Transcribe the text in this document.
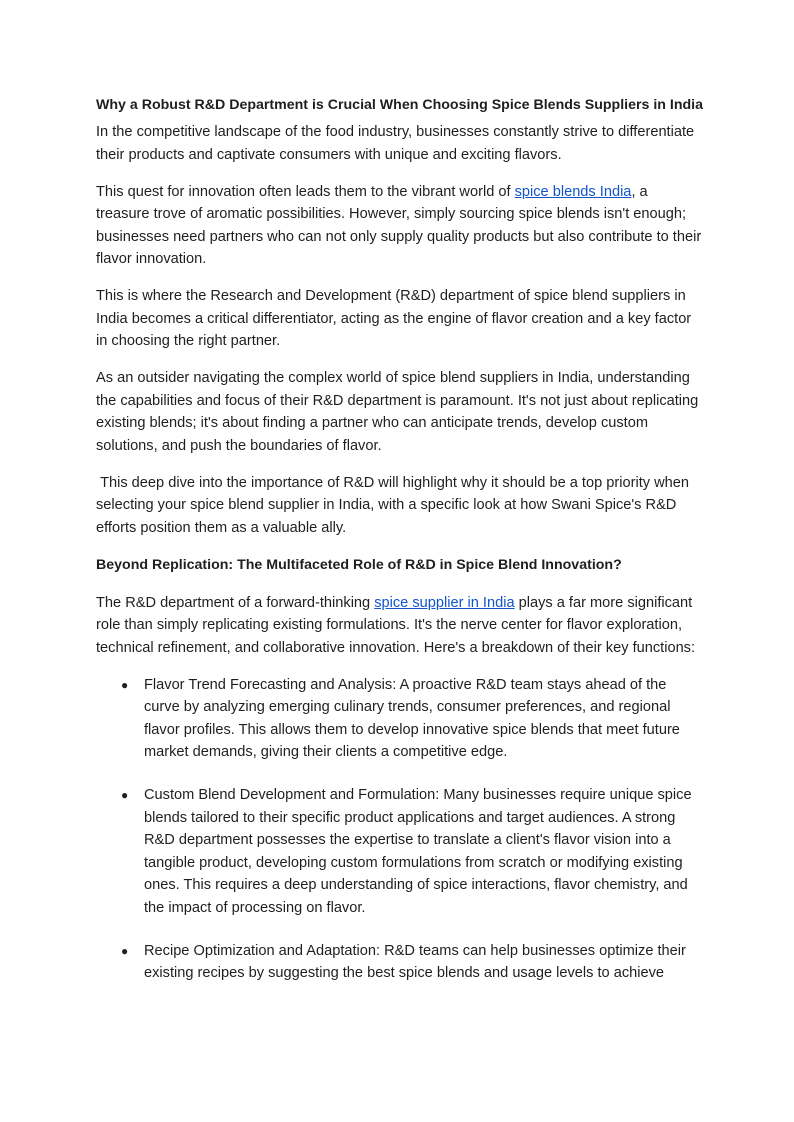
Why a Robust R&D Department is Crucial When Choosing Spice Blends Suppliers in India

In the competitive landscape of the food industry, businesses constantly strive to differentiate their products and captivate consumers with unique and exciting flavors.

This quest for innovation often leads them to the vibrant world of spice blends India, a treasure trove of aromatic possibilities. However, simply sourcing spice blends isn't enough; businesses need partners who can not only supply quality products but also contribute to their flavor innovation.

This is where the Research and Development (R&D) department of spice blend suppliers in India becomes a critical differentiator, acting as the engine of flavor creation and a key factor in choosing the right partner.

As an outsider navigating the complex world of spice blend suppliers in India, understanding the capabilities and focus of their R&D department is paramount. It's not just about replicating existing blends; it's about finding a partner who can anticipate trends, develop custom solutions, and push the boundaries of flavor.

This deep dive into the importance of R&D will highlight why it should be a top priority when selecting your spice blend supplier in India, with a specific look at how Swani Spice's R&D efforts position them as a valuable ally.

Beyond Replication: The Multifaceted Role of R&D in Spice Blend Innovation?

The R&D department of a forward-thinking spice supplier in India plays a far more significant role than simply replicating existing formulations. It's the nerve center for flavor exploration, technical refinement, and collaborative innovation. Here's a breakdown of their key functions:

● Flavor Trend Forecasting and Analysis: A proactive R&D team stays ahead of the curve by analyzing emerging culinary trends, consumer preferences, and regional flavor profiles. This allows them to develop innovative spice blends that meet future market demands, giving their clients a competitive edge.
● Custom Blend Development and Formulation: Many businesses require unique spice blends tailored to their specific product applications and target audiences. A strong R&D department possesses the expertise to translate a client's flavor vision into a tangible product, developing custom formulations from scratch or modifying existing ones. This requires a deep understanding of spice interactions, flavor chemistry, and the impact of processing on flavor.
● Recipe Optimization and Adaptation: R&D teams can help businesses optimize their existing recipes by suggesting the best spice blends and usage levels to achieve
